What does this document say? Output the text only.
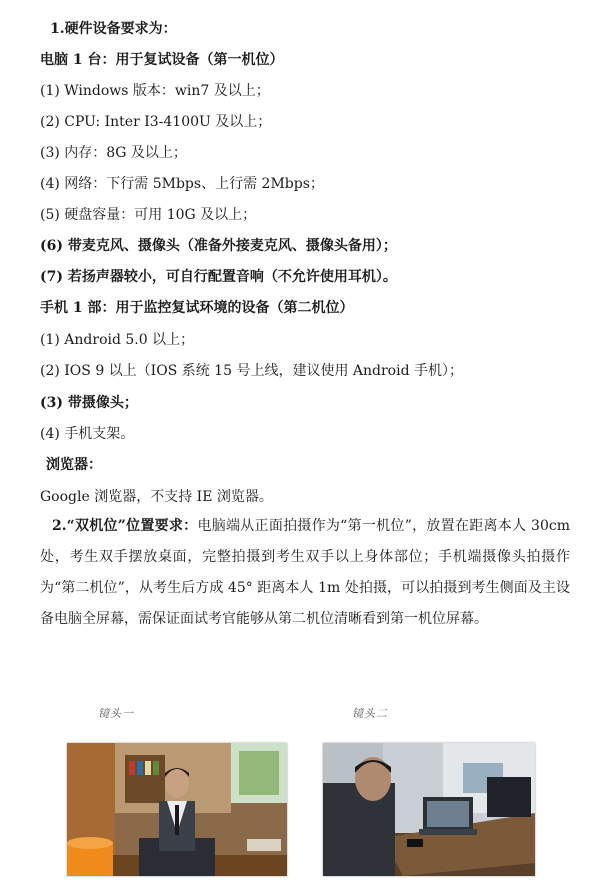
1.硬件设备要求为：
电脑 1 台：用于复试设备（第一机位）
(1) Windows 版本：win7 及以上；
(2) CPU: Inter I3-4100U 及以上；
(3) 内存：8G 及以上；
(4) 网络：下行需 5Mbps、上行需 2Mbps；
(5) 硬盘容量：可用 10G 及以上；
(6) 带麦克风、摄像头（准备外接麦克风、摄像头备用）；
(7) 若扬声器较小，可自行配置音响（不允许使用耳机）。
手机 1 部：用于监控复试环境的设备（第二机位）
(1) Android 5.0 以上；
(2) IOS 9 以上（IOS 系统 15 号上线，建议使用 Android 手机）；
(3) 带摄像头；
(4) 手机支架。
浏览器：
Google 浏览器，不支持 IE 浏览器。
2.“双机位”位置要求：电脑端从正面拍摄作为“第一机位”，放置在距离本人 30cm 处，考生双手摆放桌面，完整拍摄到考生双手以上身体部位；手机端摄像头拍摄作为“第二机位”，从考生后方成 45° 距离本人 1m 处拍摄，可以拍摄到考生侧面及主设备电脑全屏幕，需保证面试考官能够从第二机位清晰看到第一机位屏幕。
镜头一	镜头二
